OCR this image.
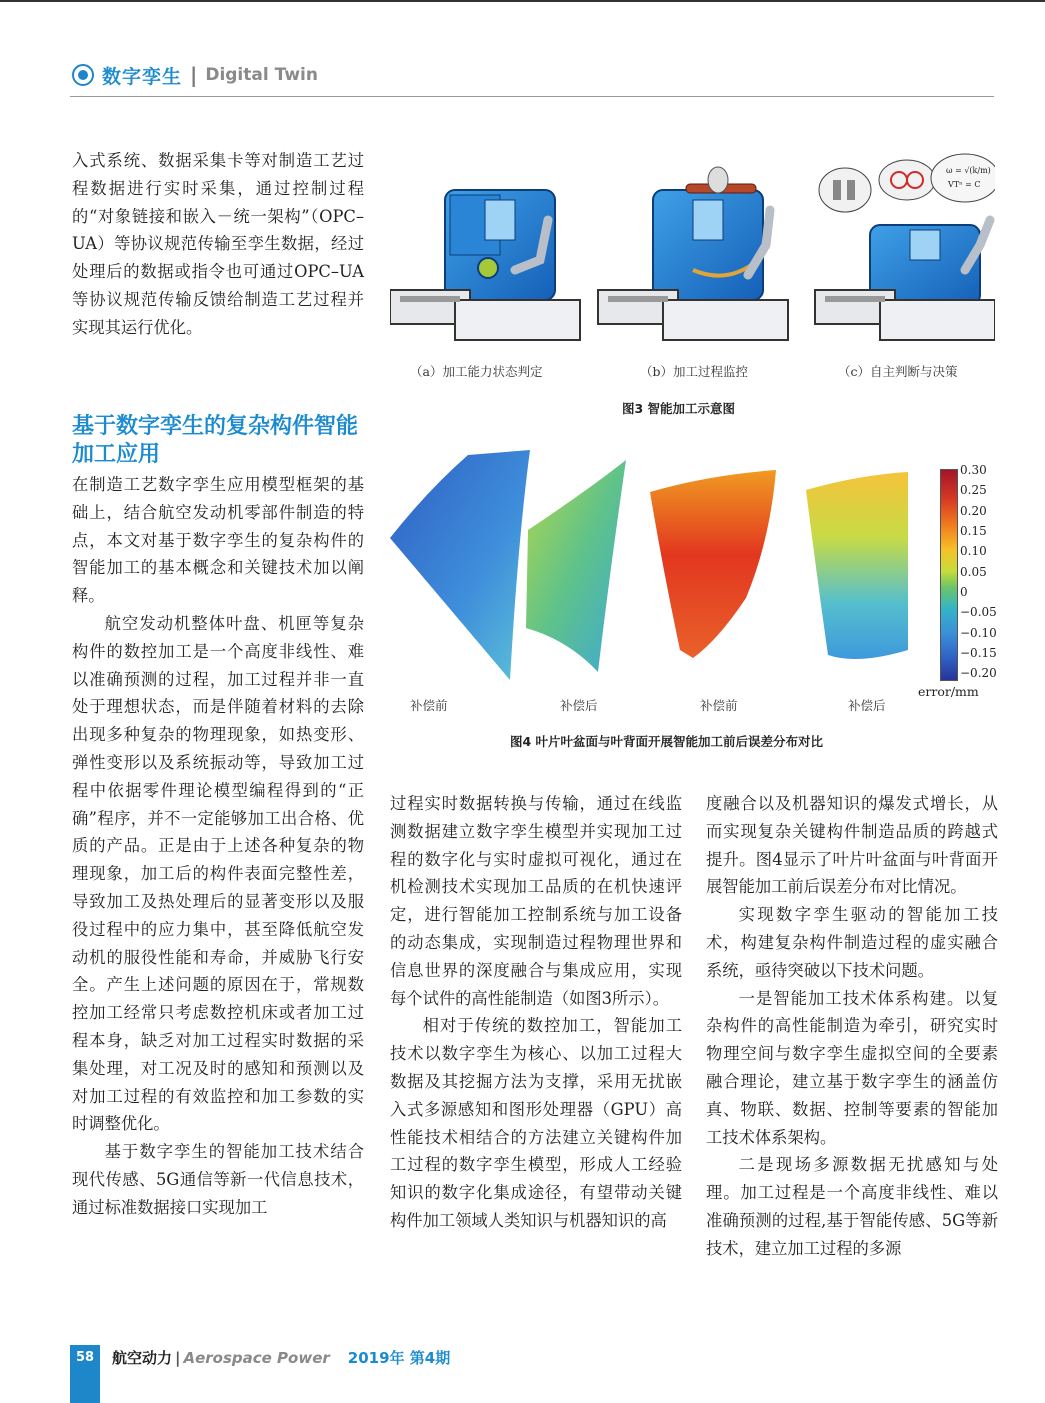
数字孪生 | Digital Twin

入式系统、数据采集卡等对制造工艺过程数据进行实时采集，通过控制过程的“对象链接和嵌入－统一架构”（OPC–UA）等协议规范传输至孪生数据，经过处理后的数据或指令也可通过OPC–UA等协议规范传输反馈给制造工艺过程并实现其运行优化。

基于数字孪生的复杂构件智能加工应用

在制造工艺数字孪生应用模型框架的基础上，结合航空发动机零部件制造的特点，本文对基于数字孪生的复杂构件的智能加工的基本概念和关键技术加以阐释。

航空发动机整体叶盘、机匣等复杂构件的数控加工是一个高度非线性、难以准确预测的过程，加工过程并非一直处于理想状态，而是伴随着材料的去除出现多种复杂的物理现象，如热变形、弹性变形以及系统振动等，导致加工过程中依据零件理论模型编程得到的“正确”程序，并不一定能够加工出合格、优质的产品。正是由于上述各种复杂的物理现象，加工后的构件表面完整性差，导致加工及热处理后的显著变形以及服役过程中的应力集中，甚至降低航空发动机的服役性能和寿命，并威胁飞行安全。产生上述问题的原因在于，常规数控加工经常只考虑数控机床或者加工过程本身，缺乏对加工过程实时数据的采集处理，对工况及时的感知和预测以及对加工过程的有效监控和加工参数的实时调整优化。

基于数字孪生的智能加工技术结合现代传感、5G通信等新一代信息技术，通过标准数据接口实现加工

ω = √(k/m)
VTⁿ = C
（a）加工能力状态判定	（b）加工过程监控	（c）自主判断与决策
图3 智能加工示意图
补偿前	补偿后	补偿前	补偿后
0.30
0.25
0.20
0.15
0.10
0.05
0
−0.05
−0.10
−0.15
−0.20
error/mm
图4 叶片叶盆面与叶背面开展智能加工前后误差分布对比

过程实时数据转换与传输，通过在线监测数据建立数字孪生模型并实现加工过程的数字化与实时虚拟可视化，通过在机检测技术实现加工品质的在机快速评定，进行智能加工控制系统与加工设备的动态集成，实现制造过程物理世界和信息世界的深度融合与集成应用，实现每个试件的高性能制造（如图3所示）。

相对于传统的数控加工，智能加工技术以数字孪生为核心、以加工过程大数据及其挖掘方法为支撑，采用无扰嵌入式多源感知和图形处理器（GPU）高性能技术相结合的方法建立关键构件加工过程的数字孪生模型，形成人工经验知识的数字化集成途径，有望带动关键构件加工领域人类知识与机器知识的高

度融合以及机器知识的爆发式增长，从而实现复杂关键构件制造品质的跨越式提升。图4显示了叶片叶盆面与叶背面开展智能加工前后误差分布对比情况。

实现数字孪生驱动的智能加工技术，构建复杂构件制造过程的虚实融合系统，亟待突破以下技术问题。

一是智能加工技术体系构建。以复杂构件的高性能制造为牵引，研究实时物理空间与数字孪生虚拟空间的全要素融合理论，建立基于数字孪生的涵盖仿真、物联、数据、控制等要素的智能加工技术体系架构。

二是现场多源数据无扰感知与处理。加工过程是一个高度非线性、难以准确预测的过程,基于智能传感、5G等新技术，建立加工过程的多源

58	航空动力 | Aerospace Power 2019年 第4期
